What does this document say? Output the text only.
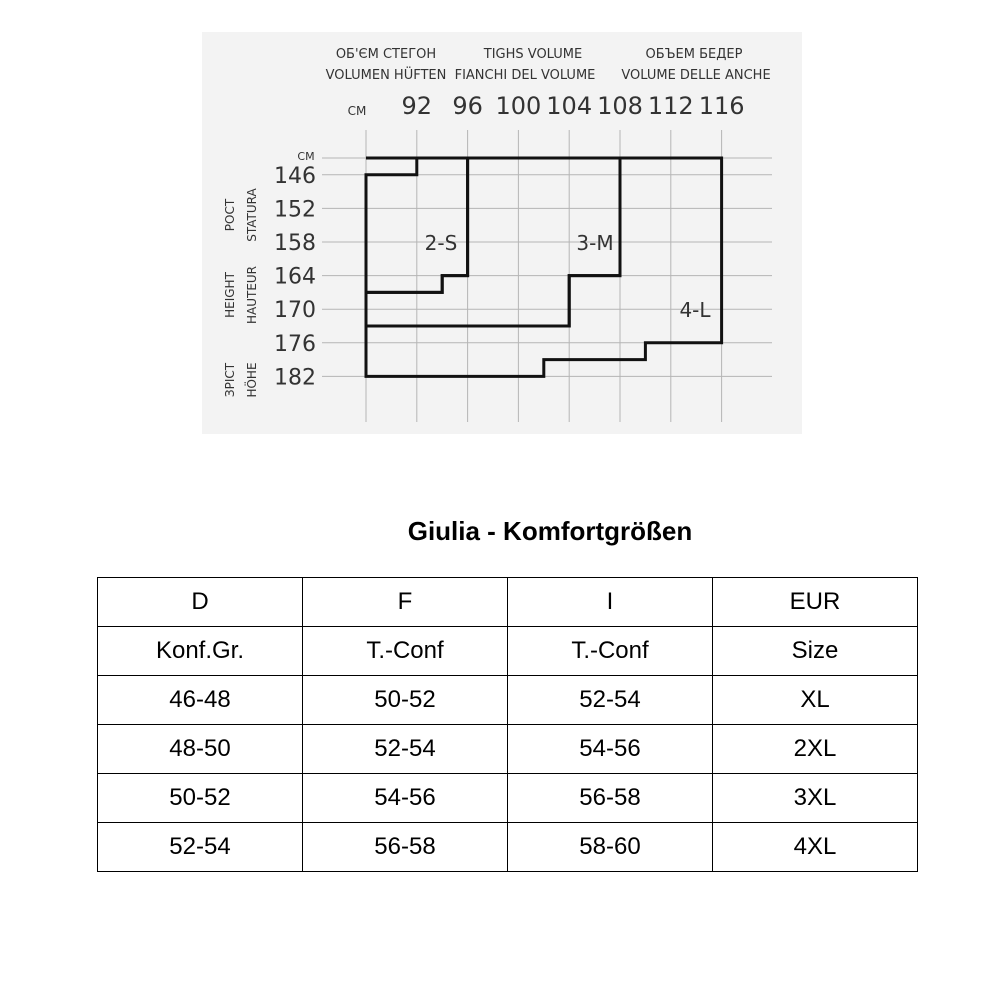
ОБ'ЄМ СТЕГОН
VOLUMEN HÜFTEN
TIGHS VOLUME
FIANCHI DEL VOLUME
ОБЪЕМ БЕДЕР
VOLUME DELLE ANCHE
CM
CM
POCT STATURA
HEIGHT HAUTEUR
ЗРІСТ HÖHE
92 96 100 104 108 112 116
146
152
158
164
170
176
182
2-S	3-M
4-L
Giulia - Komfortgrößen
D	F	I	EUR
Konf.Gr.	T.-Conf	T.-Conf	Size
46-48	50-52	52-54	XL
48-50	52-54	54-56	2XL
50-52	54-56	56-58	3XL
52-54	56-58	58-60	4XL
